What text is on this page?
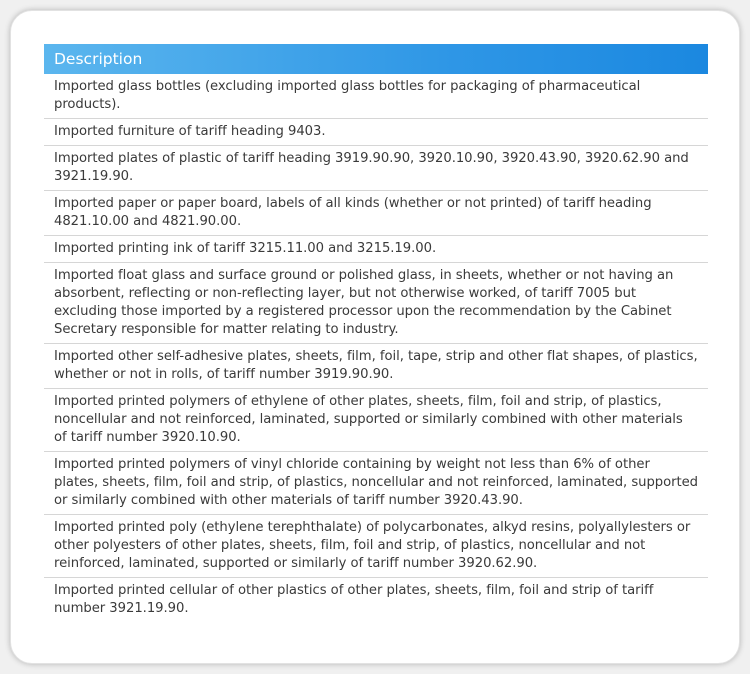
Description
Imported glass bottles (excluding imported glass bottles for packaging of pharmaceutical products).
Imported furniture of tariff heading 9403.
Imported plates of plastic of tariff heading 3919.90.90, 3920.10.90, 3920.43.90, 3920.62.90 and 3921.19.90.
Imported paper or paper board, labels of all kinds (whether or not printed) of tariff heading 4821.10.00 and 4821.90.00.
Imported printing ink of tariff 3215.11.00 and 3215.19.00.
Imported float glass and surface ground or polished glass, in sheets, whether or not having an absorbent, reflecting or non-reflecting layer, but not otherwise worked, of tariff 7005 but excluding those imported by a registered processor upon the recommendation by the Cabinet Secretary responsible for matter relating to industry.
Imported other self-adhesive plates, sheets, film, foil, tape, strip and other flat shapes, of plastics, whether or not in rolls, of tariff number 3919.90.90.
Imported printed polymers of ethylene of other plates, sheets, film, foil and strip, of plastics, noncellular and not reinforced, laminated, supported or similarly combined with other materials of tariff number 3920.10.90.
Imported printed polymers of vinyl chloride containing by weight not less than 6% of other plates, sheets, film, foil and strip, of plastics, noncellular and not reinforced, laminated, supported or similarly combined with other materials of tariff number 3920.43.90.
Imported printed poly (ethylene terephthalate) of polycarbonates, alkyd resins, polyallylesters or other polyesters of other plates, sheets, film, foil and strip, of plastics, noncellular and not reinforced, laminated, supported or similarly of tariff number 3920.62.90.
Imported printed cellular of other plastics of other plates, sheets, film, foil and strip of tariff number 3921.19.90.
